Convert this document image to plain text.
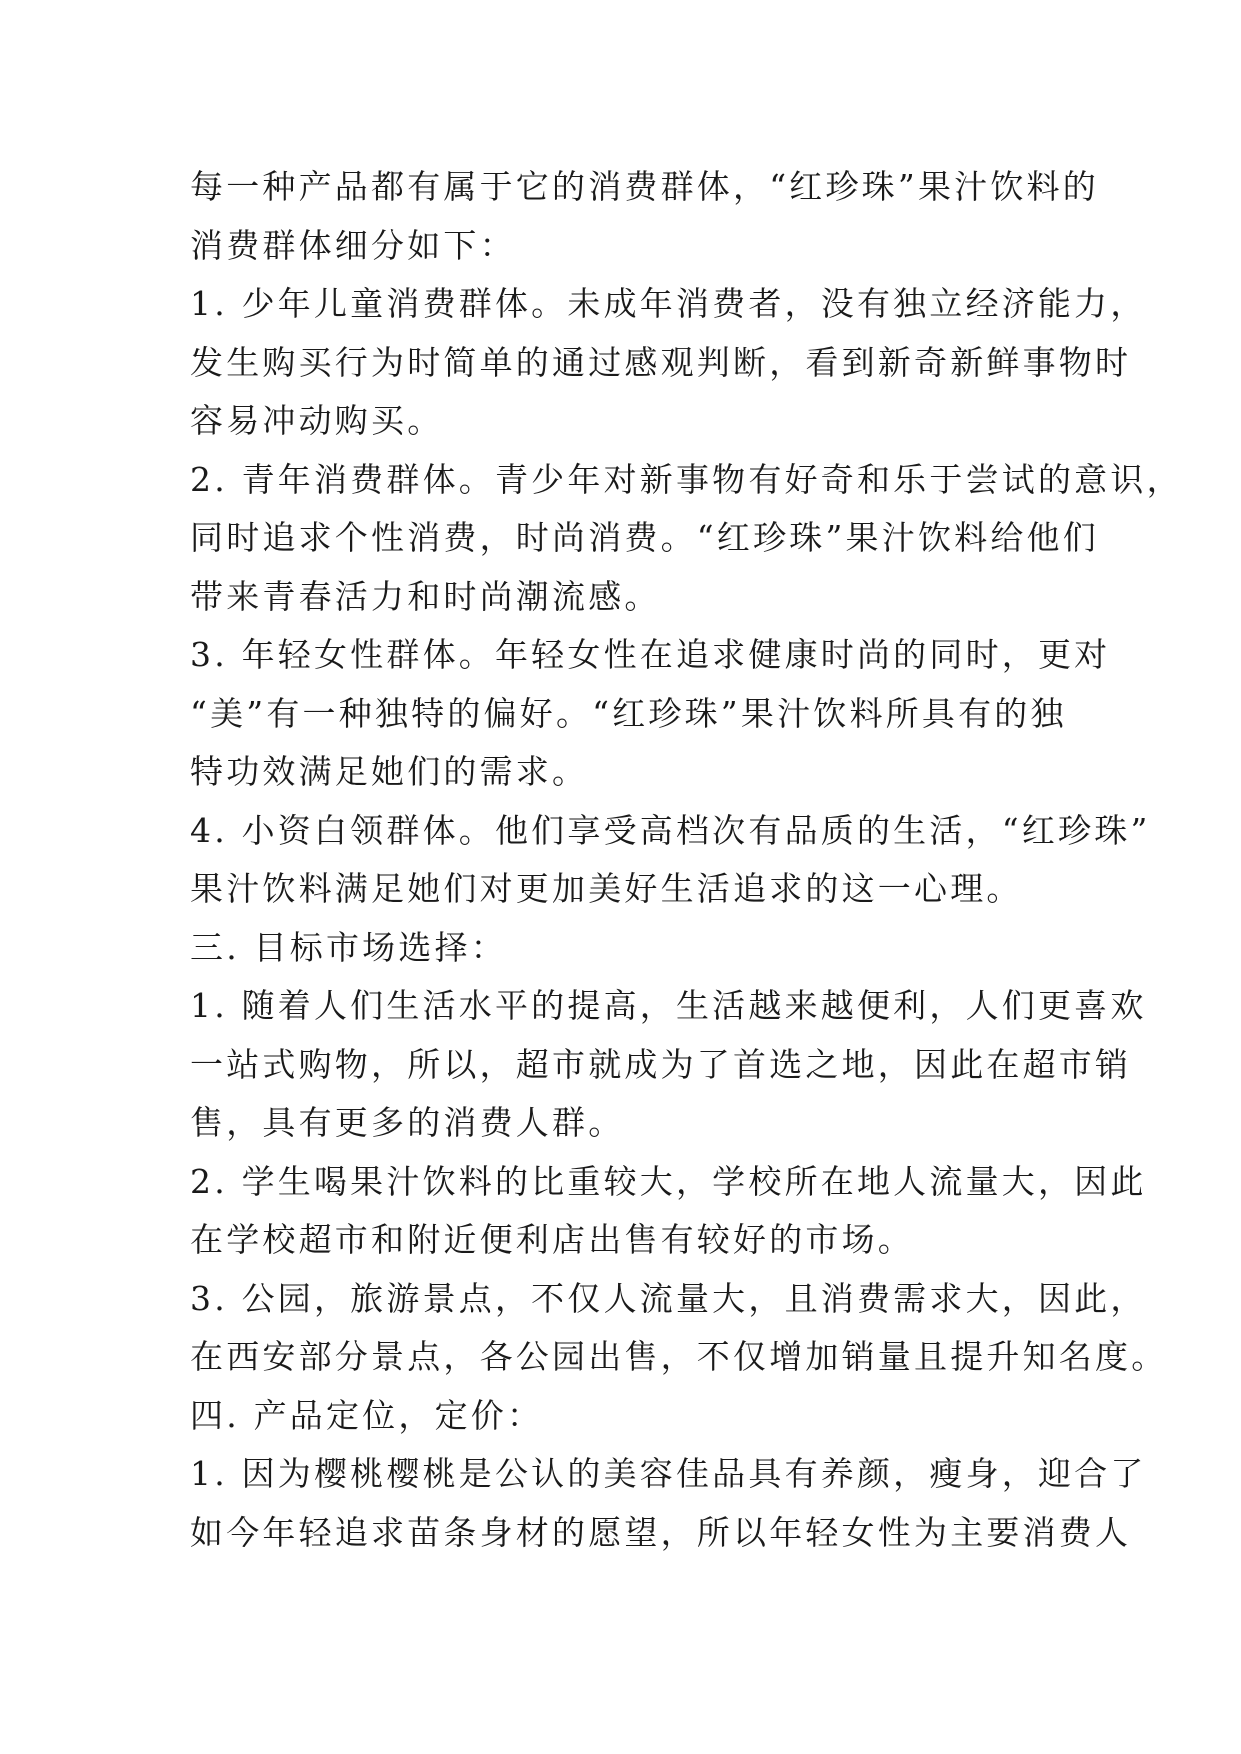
每一种产品都有属于它的消费群体，“红珍珠”果汁饮料的
消费群体细分如下：
1. 少年儿童消费群体。未成年消费者，没有独立经济能力，
发生购买行为时简单的通过感观判断，看到新奇新鲜事物时
容易冲动购买。
2. 青年消费群体。青少年对新事物有好奇和乐于尝试的意识，
同时追求个性消费，时尚消费。“红珍珠”果汁饮料给他们
带来青春活力和时尚潮流感。
3. 年轻女性群体。年轻女性在追求健康时尚的同时，更对
“美”有一种独特的偏好。“红珍珠”果汁饮料所具有的独
特功效满足她们的需求。
4. 小资白领群体。他们享受高档次有品质的生活，“红珍珠”
果汁饮料满足她们对更加美好生活追求的这一心理。
三. 目标市场选择：
1. 随着人们生活水平的提高，生活越来越便利，人们更喜欢
一站式购物，所以，超市就成为了首选之地，因此在超市销
售，具有更多的消费人群。
2. 学生喝果汁饮料的比重较大，学校所在地人流量大，因此
在学校超市和附近便利店出售有较好的市场。
3. 公园，旅游景点，不仅人流量大，且消费需求大，因此，
在西安部分景点，各公园出售，不仅增加销量且提升知名度。
四. 产品定位，定价：
1. 因为樱桃樱桃是公认的美容佳品具有养颜，瘦身，迎合了
如今年轻追求苗条身材的愿望，所以年轻女性为主要消费人
